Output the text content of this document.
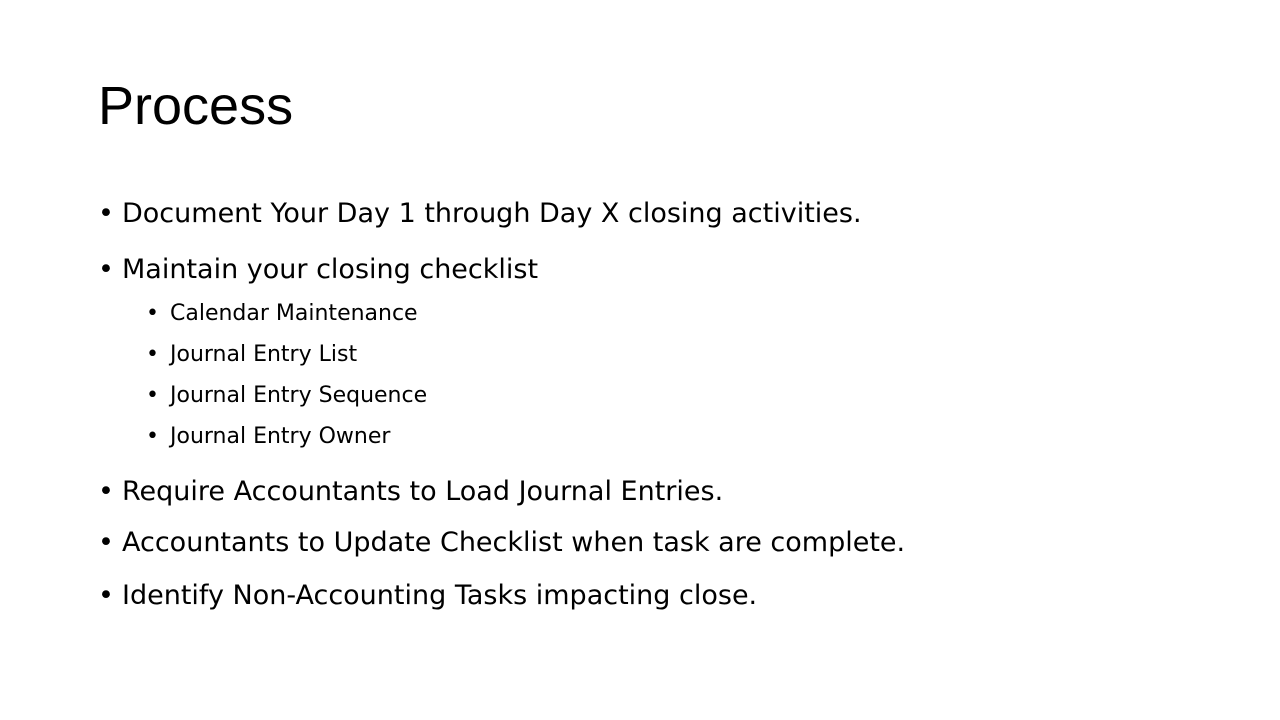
Process
• Document Your Day 1 through Day X closing activities.
• Maintain your closing checklist
• Calendar Maintenance
• Journal Entry List
• Journal Entry Sequence
• Journal Entry Owner
• Require Accountants to Load Journal Entries.
• Accountants to Update Checklist when task are complete.
• Identify Non-Accounting Tasks impacting close.
